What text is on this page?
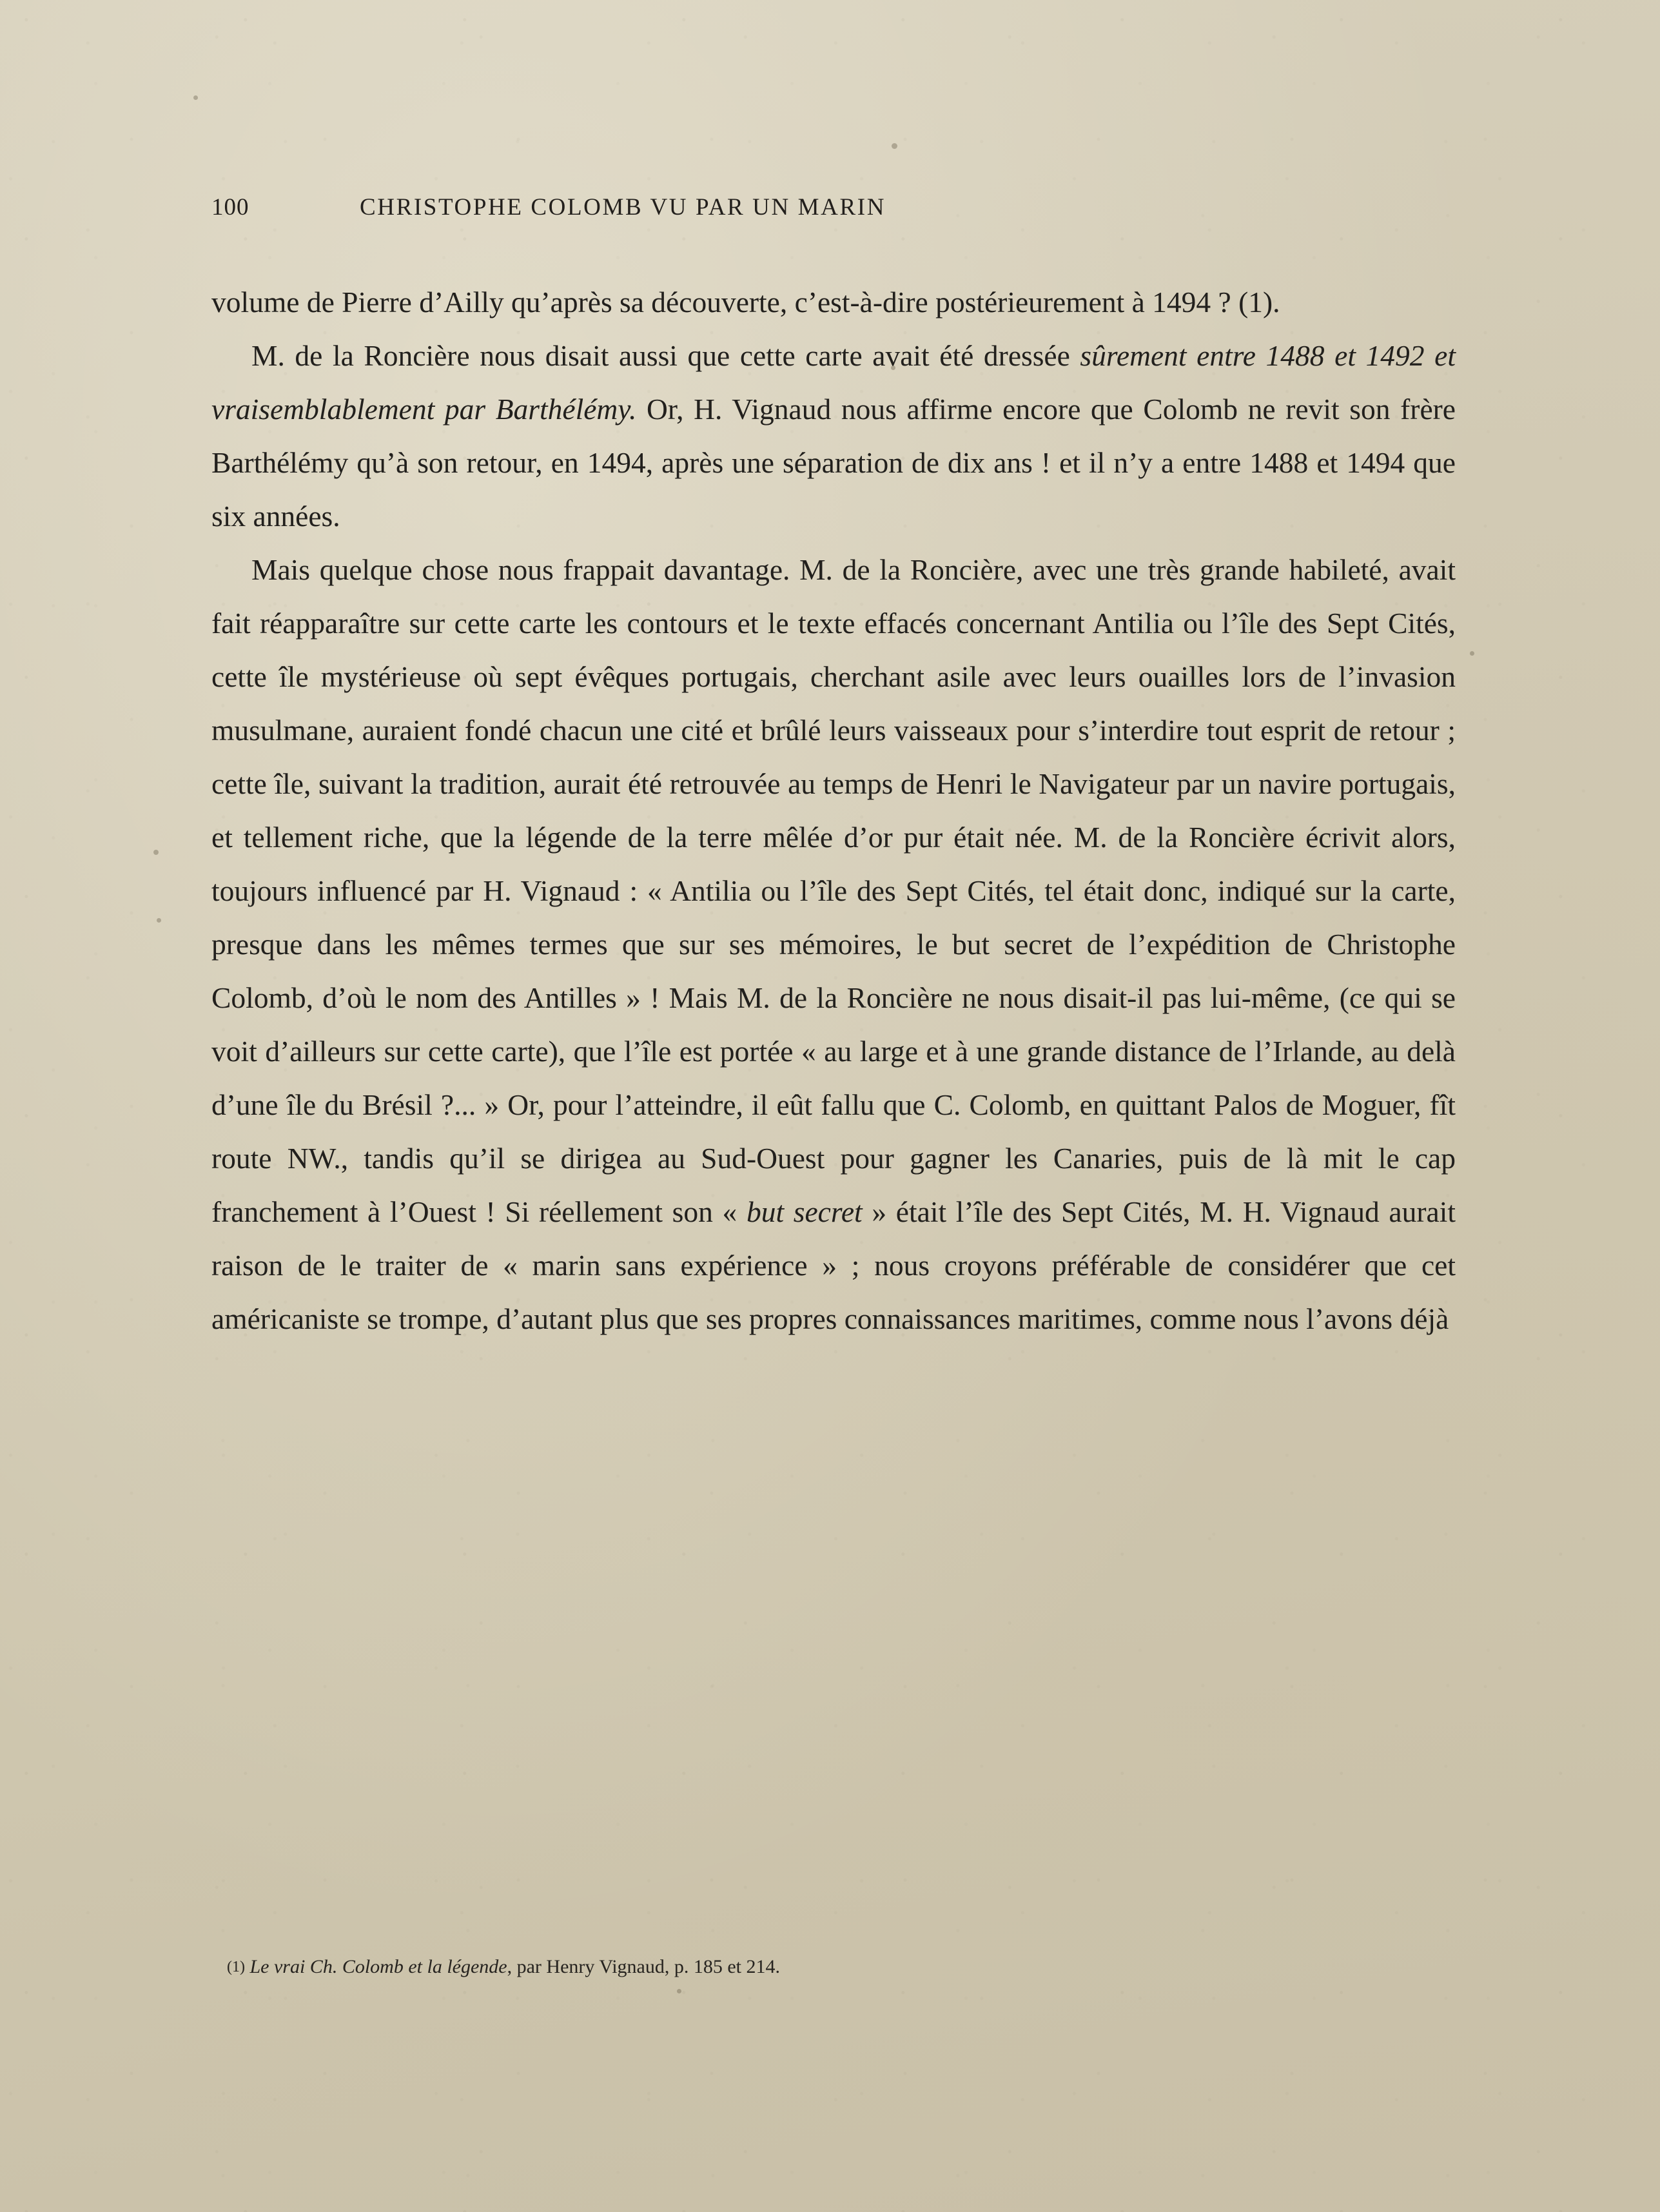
100	CHRISTOPHE COLOMB VU PAR UN MARIN

volume de Pierre d’Ailly qu’après sa découverte, c’est-à-dire postérieurement à 1494 ? (1).

M. de la Roncière nous disait aussi que cette carte avait été dressée sûrement entre 1488 et 1492 et vraisemblablement par Barthélémy. Or, H. Vignaud nous affirme encore que Colomb ne revit son frère Barthélémy qu’à son retour, en 1494, après une séparation de dix ans ! et il n’y a entre 1488 et 1494 que six années.

Mais quelque chose nous frappait davantage. M. de la Roncière, avec une très grande habileté, avait fait réapparaître sur cette carte les contours et le texte effacés concernant Antilia ou l’île des Sept Cités, cette île mystérieuse où sept évêques portugais, cherchant asile avec leurs ouailles lors de l’invasion musulmane, auraient fondé chacun une cité et brûlé leurs vaisseaux pour s’interdire tout esprit de retour ; cette île, suivant la tradition, aurait été retrouvée au temps de Henri le Navigateur par un navire portugais, et tellement riche, que la légende de la terre mêlée d’or pur était née. M. de la Roncière écrivit alors, toujours influencé par H. Vignaud : « Antilia ou l’île des Sept Cités, tel était donc, indiqué sur la carte, presque dans les mêmes termes que sur ses mémoires, le but secret de l’expédition de Christophe Colomb, d’où le nom des Antilles » ! Mais M. de la Roncière ne nous disait-il pas lui-même, (ce qui se voit d’ailleurs sur cette carte), que l’île est portée « au large et à une grande distance de l’Irlande, au delà d’une île du Brésil ?... » Or, pour l’atteindre, il eût fallu que C. Colomb, en quittant Palos de Moguer, fît route NW., tandis qu’il se dirigea au Sud-Ouest pour gagner les Canaries, puis de là mit le cap franchement à l’Ouest ! Si réellement son « but secret » était l’île des Sept Cités, M. H. Vignaud aurait raison de le traiter de « marin sans expérience » ; nous croyons préférable de considérer que cet américaniste se trompe, d’autant plus que ses propres connaissances maritimes, comme nous l’avons déjà

(1) Le vrai Ch. Colomb et la légende, par Henry Vignaud, p. 185 et 214.
